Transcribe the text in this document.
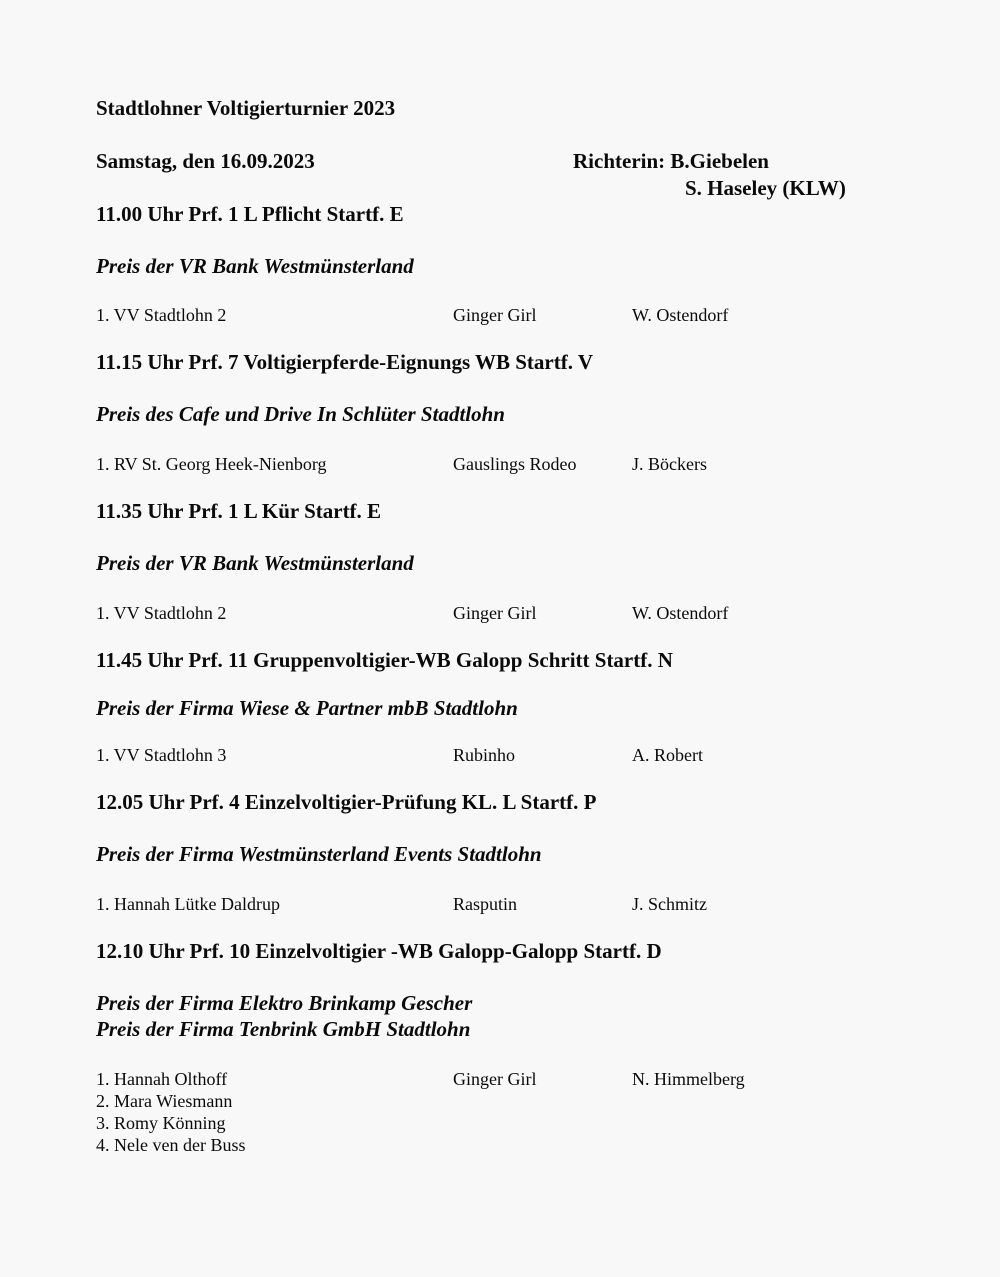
Stadtlohner Voltigierturnier 2023
Samstag, den 16.09.2023	Richterin: B.Giebelen
S. Haseley (KLW)
11.00 Uhr Prf. 1 L Pflicht Startf. E
Preis der VR Bank Westmünsterland
1. VV Stadtlohn 2	Ginger Girl	W. Ostendorf
11.15 Uhr Prf. 7 Voltigierpferde-Eignungs WB Startf. V
Preis des Cafe und Drive In Schlüter Stadtlohn
1. RV St. Georg Heek-Nienborg	Gauslings Rodeo	J. Böckers
11.35 Uhr Prf. 1 L Kür Startf. E
Preis der VR Bank Westmünsterland
1. VV Stadtlohn 2	Ginger Girl	W. Ostendorf
11.45 Uhr Prf. 11 Gruppenvoltigier-WB Galopp Schritt Startf. N
Preis der Firma Wiese & Partner mbB Stadtlohn
1. VV Stadtlohn 3	Rubinho	A. Robert
12.05 Uhr Prf. 4 Einzelvoltigier-Prüfung KL. L Startf. P
Preis der Firma Westmünsterland Events Stadtlohn
1. Hannah Lütke Daldrup	Rasputin	J. Schmitz
12.10 Uhr Prf. 10 Einzelvoltigier -WB Galopp-Galopp Startf. D
Preis der Firma Elektro Brinkamp Gescher
Preis der Firma Tenbrink GmbH Stadtlohn
1. Hannah Olthoff	Ginger Girl	N. Himmelberg
2. Mara Wiesmann
3. Romy Könning
4. Nele ven der Buss
